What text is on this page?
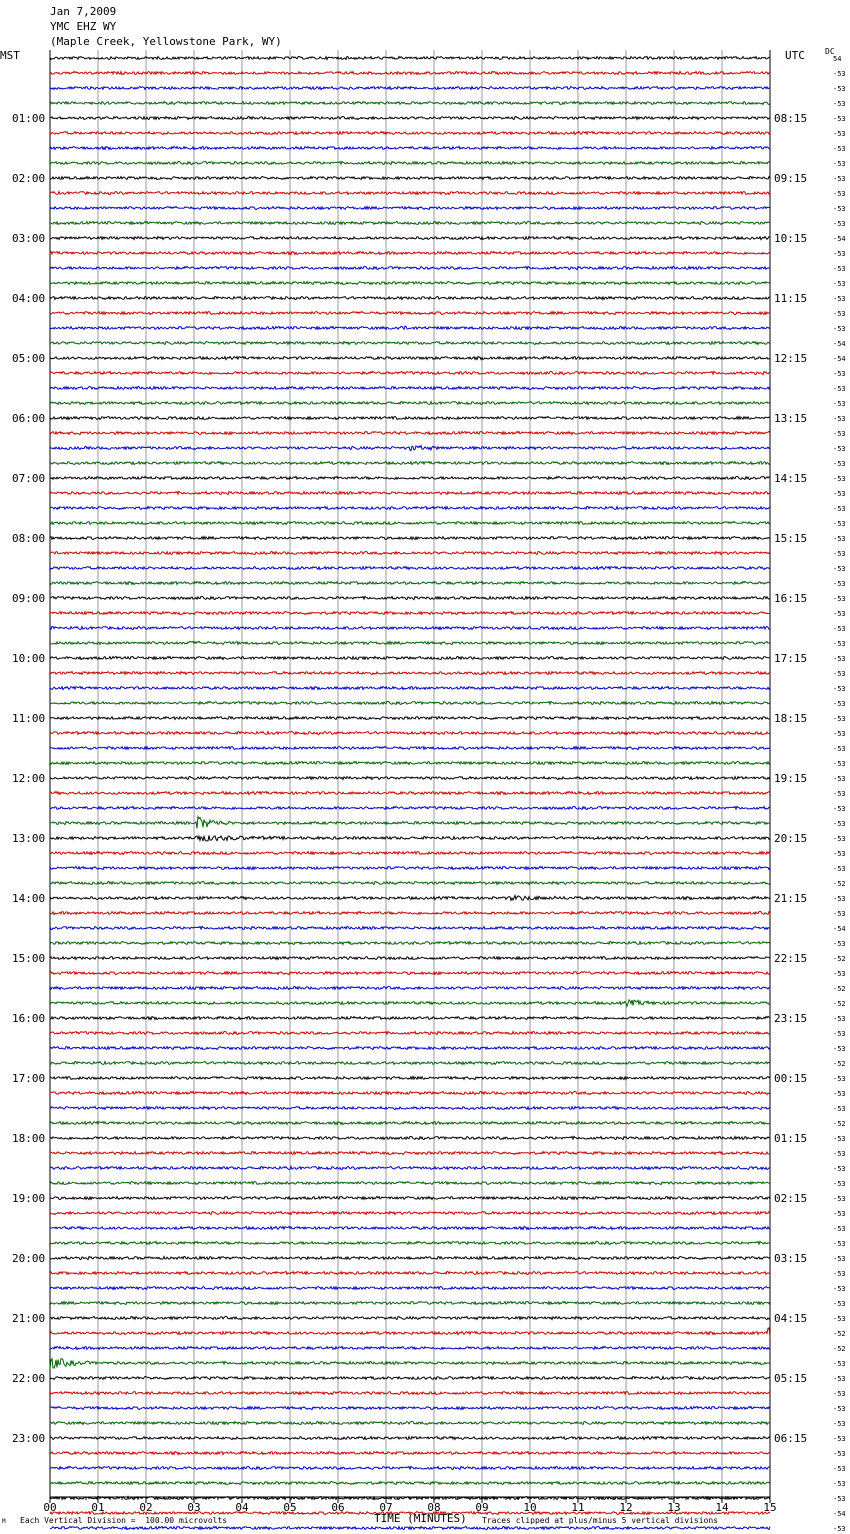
Jan 7,2009
YMC EHZ WY
(Maple Creek, Yellowstone Park, WY)
MST	UTC	DC
54
-53
-53
-53
-53
-53
-53
-53
-53
-53
-53
-53
-54
-53
-53
-53
-53
-53
-53
-54
-54
-53
-53
-53
-53
-53
-53
-53
-53
-53
-53
-53
-53
-53
-53
-53
-53
-53
-53
-53
-53
-53
-53
-53
-53
-53
-53
-53
-53
-53
-53
-53
-53
-53
-53
-52
-53
-53
-54
-53
-52
-53
-52
-52
-53
-53
-53
-52
-53
-53
-53
-52
-53
-53
-53
-53
-53
-53
-53
-53
-53
-53
-53
-53
-53
-52
-52
-53
-53
-53
-53
-53
-53
-53
-53
-53
-53
-54
-53
01:00
02:00
03:00
04:00
05:00
06:00
07:00
08:00
09:00
10:00
11:00
12:00
13:00
14:00
15:00
16:00
17:00
18:00
19:00
20:00
21:00
22:00
23:00
08:15
09:15
10:15
11:15
12:15
13:15
14:15
15:15
16:15
17:15
18:15
19:15
20:15
21:15
22:15
23:15
00:15
01:15
02:15
03:15
04:15
05:15
06:15
00	01	02	03	04	05	06	07	08	09	10	11	12	13	14	15
M Each Vertical Division =  100.00 microvolts	TIME (MINUTES) Traces clipped at plus/minus 5 vertical divisions
